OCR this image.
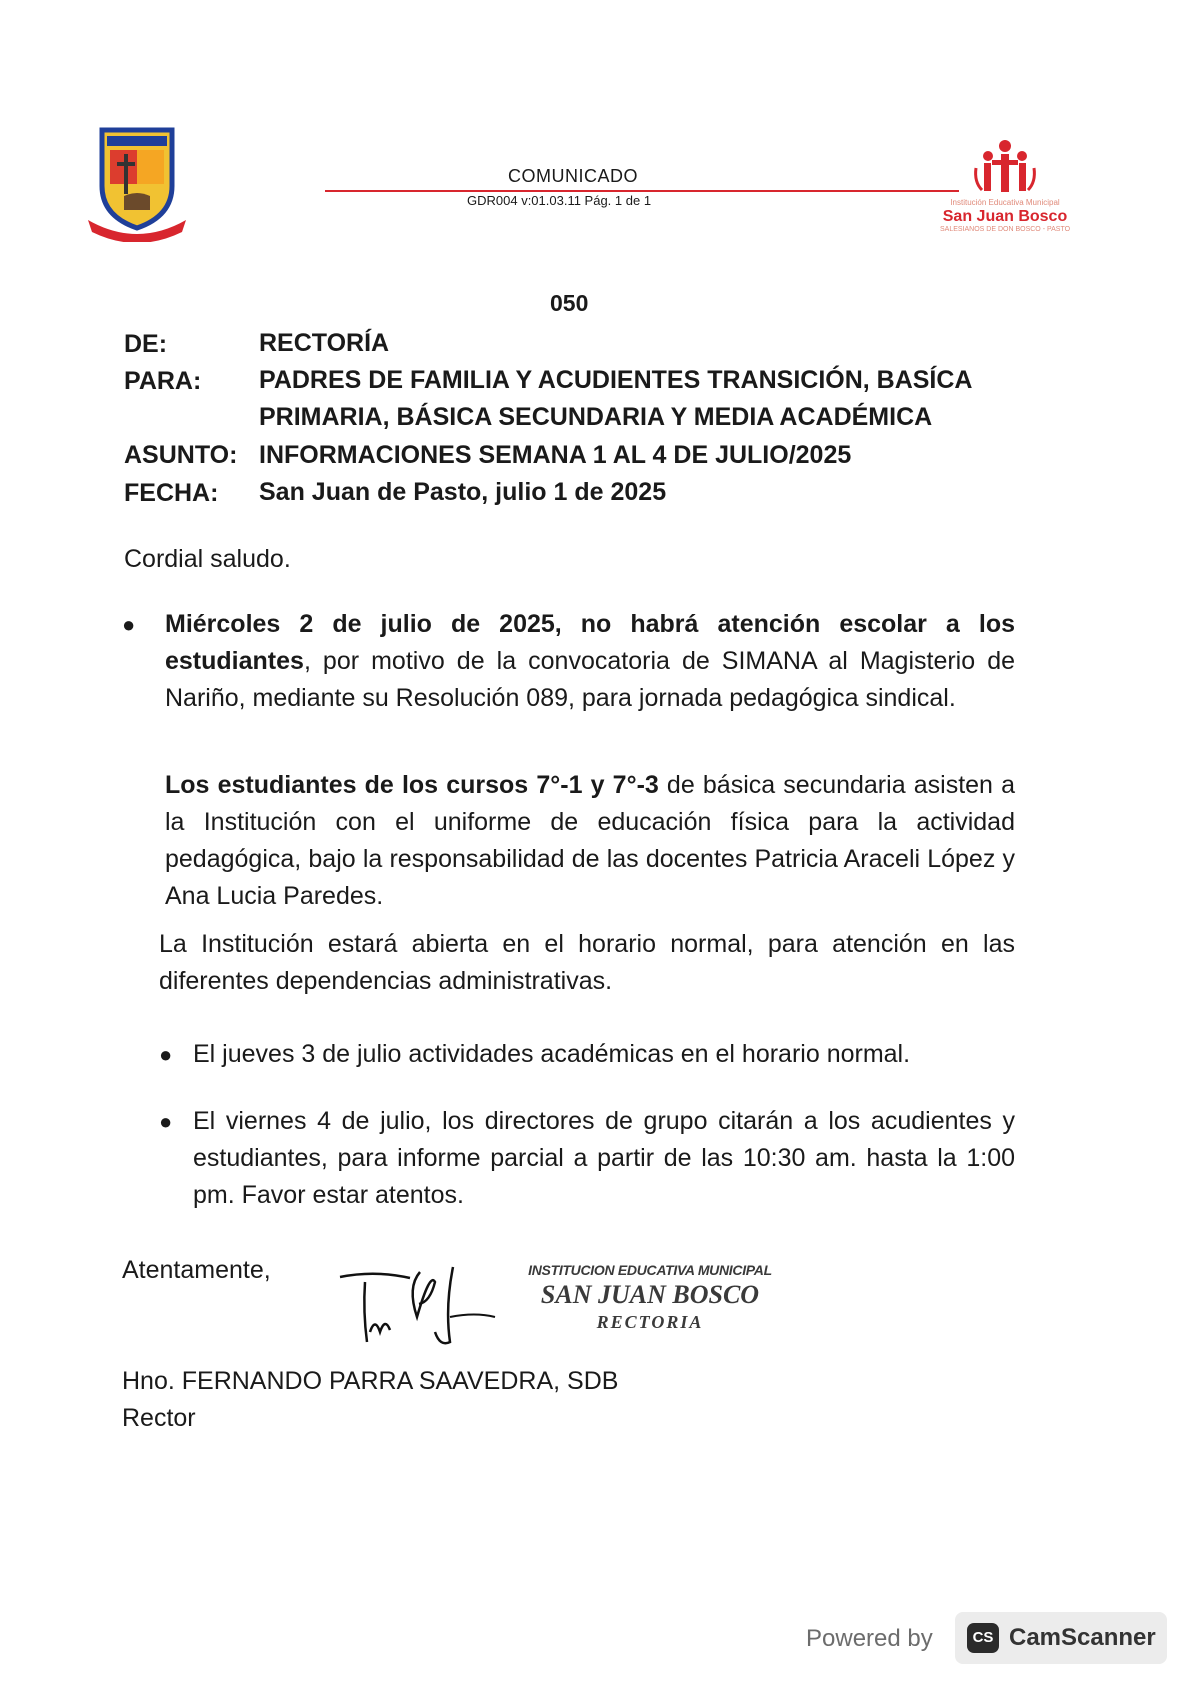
COMUNICADO
GDR004 v:01.03.11 Pág. 1 de 1	Institución Educativa Municipal
San Juan Bosco
SALESIANOS DE DON BOSCO - PASTO
050
DE:	RECTORÍA
PARA: PADRES DE FAMILIA Y ACUDIENTES TRANSICIÓN, BASÍCA
PRIMARIA, BÁSICA SECUNDARIA Y MEDIA ACADÉMICA
ASUNTO: INFORMACIONES SEMANA 1 AL 4 DE JULIO/2025
FECHA: San Juan de Pasto, julio 1 de 2025
Cordial saludo.
● Miércoles 2 de julio de 2025, no habrá atención escolar a los estudiantes, por motivo de la convocatoria de SIMANA al Magisterio de Nariño, mediante su Resolución 089, para jornada pedagógica sindical.
Los estudiantes de los cursos 7°-1 y 7°-3 de básica secundaria asisten a la Institución con el uniforme de educación física para la actividad pedagógica, bajo la responsabilidad de las docentes Patricia Araceli López y Ana Lucia Paredes.
La Institución estará abierta en el horario normal, para atención en las diferentes dependencias administrativas.
● El jueves 3 de julio actividades académicas en el horario normal.
● El viernes 4 de julio, los directores de grupo citarán a los acudientes y estudiantes, para informe parcial a partir de las 10:30 am. hasta la 1:00 pm. Favor estar atentos.
Atentamente,	INSTITUCION EDUCATIVA MUNICIPAL
SAN JUAN BOSCO
RECTORIA
Hno. FERNANDO PARRA SAAVEDRA, SDB
Rector
Powered by	CS CamScanner
